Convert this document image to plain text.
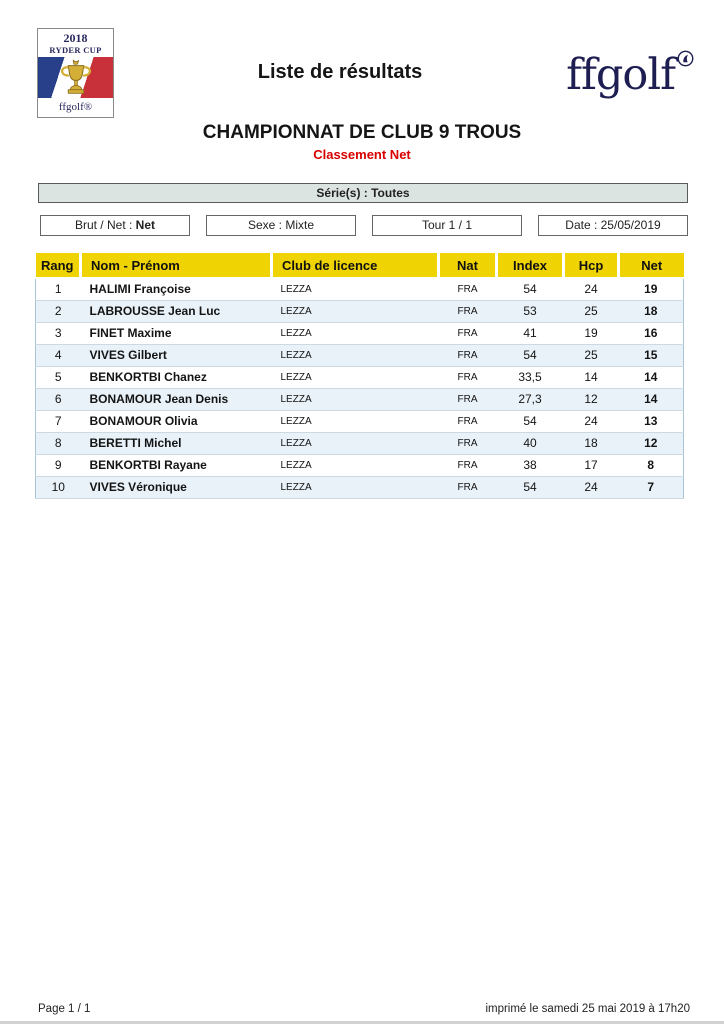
2018
RYDER CUP
ffgolf®
Liste de résultats	ffgolf
CHAMPIONNAT DE CLUB 9 TROUS
Classement Net
Série(s) : Toutes
Brut / Net : Net	Sexe : Mixte	Tour 1 / 1	Date : 25/05/2019
Rang	Nom - Prénom	Club de licence	Nat	Index	Hcp	Net
1	HALIMI Françoise	LEZZA	FRA	54	24	19
2	LABROUSSE Jean Luc	LEZZA	FRA	53	25	18
3	FINET Maxime	LEZZA	FRA	41	19	16
4	VIVES Gilbert	LEZZA	FRA	54	25	15
5	BENKORTBI Chanez	LEZZA	FRA	33,5	14	14
6	BONAMOUR Jean Denis	LEZZA	FRA	27,3	12	14
7	BONAMOUR Olivia	LEZZA	FRA	54	24	13
8	BERETTI Michel	LEZZA	FRA	40	18	12
9	BENKORTBI Rayane	LEZZA	FRA	38	17	8
10	VIVES Véronique	LEZZA	FRA	54	24	7
Page 1 / 1	imprimé le samedi 25 mai 2019 à 17h20
